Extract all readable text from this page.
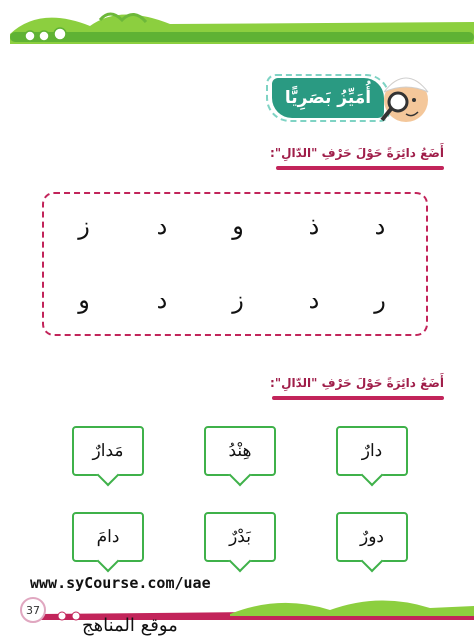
أُمَيِّزُ بَصَرِيًّا
أَضَعُ دائِرَةً حَوْلَ حَرْفِ "الدّالِ":
د
ذ
و
د
ز
ر
د
ز
د
و
أَضَعُ دائِرَةً حَوْلَ حَرْفِ "الدّالِ":
دارٌ
هِنْدُ
مَدارٌ
دورٌ
بَدْرٌ
دامَ
www.syCourse.com/uae
37
موقع المناهج
